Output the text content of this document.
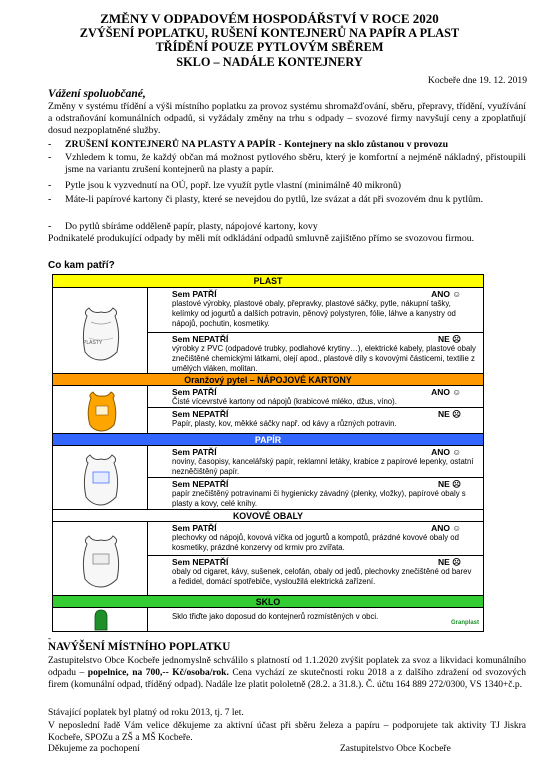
ZMĚNY V ODPADOVÉM HOSPODÁŘSTVÍ V ROCE 2020
ZVÝŠENÍ POPLATKU, RUŠENÍ KONTEJNERŮ NA PAPÍR A PLAST
TŘÍDĚNÍ POUZE PYTLOVÝM SBĚREM
SKLO – NADÁLE KONTEJNERY
Kocbeře dne 19. 12. 2019
Vážení spoluobčané,
Změny v systému třídění a výši místního poplatku za provoz systému shromažďování, sběru, přepravy, třídění, využívání a odstraňování komunálních odpadů, si vyžádaly změny na trhu s odpady – svozové firmy navyšují ceny a zpoplatňují dosud nezpoplatněné služby.
- ZRUŠENÍ KONTEJNERŮ NA PLASTY A PAPÍR - Kontejnery na sklo zůstanou v provozu
- Vzhledem k tomu, že každý občan má možnost pytlového sběru, který je komfortní a nejméně nákladný, přistoupili jsme na variantu zrušení kontejnerů na plasty a papír.
- Pytle jsou k vyzvednutí na OÚ, popř. lze využít pytle vlastní (minimálně 40 mikronů)
- Máte-li papírové kartony či plasty, které se nevejdou do pytlů, lze svázat a dát při svozovém dnu k pytlům.
- Do pytlů sbíráme odděleně papír, plasty, nápojové kartony, kovy
Podnikatelé produkující odpady by měli mít odkládání odpadů smluvně zajištěno přímo se svozovou firmou.
Co kam patří?
PLAST
PLASTY
Sem PATŘÍ	ANO ☺
plastové výrobky, plastové obaly, přepravky, plastové sáčky, pytle, nákupní tašky, kelímky od jogurtů a dalších potravin, pěnový polystyren, fólie, láhve a kanystry od nápojů, pochutin, kosmetiky.
Sem NEPATŘÍ	NE ☹
výrobky z PVC (odpadové trubky, podlahové krytiny…), elektrické kabely, plastové obaly znečištěné chemickými látkami, olejí apod., plastové díly s kovovými částicemi, textilie z umělých vláken, molitan.
Oranžový pytel – NÁPOJOVÉ KARTONY
Sem PATŘÍ	ANO ☺
Čisté vícevrstvé kartony od nápojů (krabicové mléko, džus, víno).
Sem NEPATŘÍ	NE ☹
Papír, plasty, kov, měkké sáčky např. od kávy a různých potravin.
PAPÍR
Sem PATŘÍ	ANO ☺
noviny, časopisy, kancelářský papír, reklamní letáky, krabice z papírové lepenky, ostatní nezněčištěný papír.
Sem NEPATŘÍ	NE ☹
papír znečištěný potravinami či hygienicky závadný (plenky, vložky), papírové obaly s plasty a kovy, celé knihy.
KOVOVÉ OBALY
Sem PATŘÍ	ANO ☺
plechovky od nápojů, kovová víčka od jogurtů a kompotů, prázdné kovové obaly od kosmetiky, prázdné konzervy od krmiv pro zvířata.
Sem NEPATŘÍ	NE ☹
obaly od cigaret, kávy, sušenek, celofán, obaly od jedů, plechovky znečištěné od barev a ředidel, domácí spotřebiče, vysloužilá elektrická zařízení.
SKLO
Sklo třiďte jako doposud do kontejnerů rozmístěných v obci.
Granplast
-
NAVÝŠENÍ MÍSTNÍHO POPLATKU
Zastupitelstvo Obce Kocbeře jednomyslně schválilo s platností od 1.1.2020 zvýšit poplatek za svoz a likvidaci komunálního odpadu – popelnice, na 700,-- Kč/osoba/rok. Cena vychází ze skutečnosti roku 2018 a z dalšího zdražení od svozových firem (komunální odpad, tříděný odpad). Nadále lze platit pololetně (28.2. a 31.8.). Č. účtu 164 889 272/0300, VS 1340+č.p.
Stávající poplatek byl platný od roku 2013, tj. 7 let.
V neposlední řadě Vám velice děkujeme za aktivní účast při sběru železa a papíru – podporujete tak aktivity TJ Jiskra Kocbeře, SPOZu a ZŠ a MŠ Kocbeře.
Děkujeme za pochopení	Zastupitelstvo Obce Kocbeře
